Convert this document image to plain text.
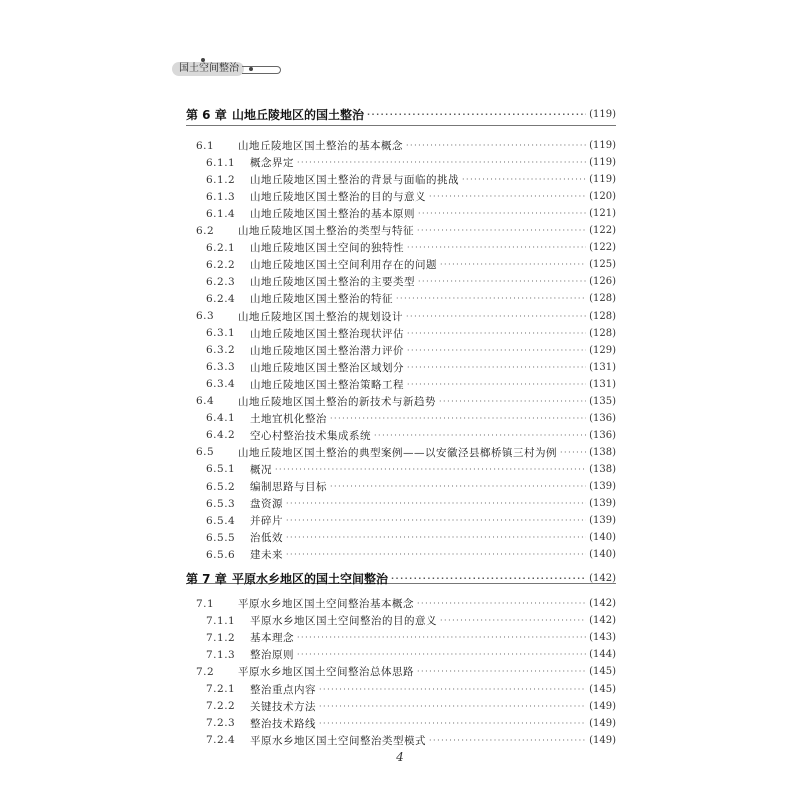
国土空间整治
第 6 章 山地丘陵地区的国土整治 ·····	(119)
6.1	山地丘陵地区国土整治的基本概念 ·····	(119)
6.1.1	概念界定 ·····	(119)
6.1.2	山地丘陵地区国土整治的背景与面临的挑战 ·····	(119)
6.1.3	山地丘陵地区国土整治的目的与意义 ·····	(120)
6.1.4	山地丘陵地区国土整治的基本原则 ·····	(121)
6.2	山地丘陵地区国土整治的类型与特征 ·····	(122)
6.2.1	山地丘陵地区国土空间的独特性 ·····	(122)
6.2.2	山地丘陵地区国土空间利用存在的问题 ·····	(125)
6.2.3	山地丘陵地区国土整治的主要类型 ·····	(126)
6.2.4	山地丘陵地区国土整治的特征 ·····	(128)
6.3	山地丘陵地区国土整治的规划设计 ·····	(128)
6.3.1	山地丘陵地区国土整治现状评估 ·····	(128)
6.3.2	山地丘陵地区国土整治潜力评价 ·····	(129)
6.3.3	山地丘陵地区国土整治区域划分 ·····	(131)
6.3.4	山地丘陵地区国土整治策略工程 ·····	(131)
6.4	山地丘陵地区国土整治的新技术与新趋势 ·····	(135)
6.4.1	土地宜机化整治 ·····	(136)
6.4.2	空心村整治技术集成系统 ·····	(136)
6.5	山地丘陵地区国土整治的典型案例——以安徽泾县榔桥镇三村为例 ·····	(138)
6.5.1	概况 ·····	(138)
6.5.2	编制思路与目标 ·····	(139)
6.5.3	盘资源 ·····	(139)
6.5.4	并碎片 ·····	(139)
6.5.5	治低效 ·····	(140)
6.5.6	建未来 ·····	(140)
第 7 章 平原水乡地区的国土空间整治 ·····	(142)
7.1	平原水乡地区国土空间整治基本概念 ·····	(142)
7.1.1	平原水乡地区国土空间整治的目的意义 ·····	(142)
7.1.2	基本理念 ·····	(143)
7.1.3	整治原则 ·····	(144)
7.2	平原水乡地区国土空间整治总体思路 ·····	(145)
7.2.1	整治重点内容 ·····	(145)
7.2.2	关键技术方法 ·····	(149)
7.2.3	整治技术路线 ·····	(149)
7.2.4	平原水乡地区国土空间整治类型模式 ·····	(149)
4
